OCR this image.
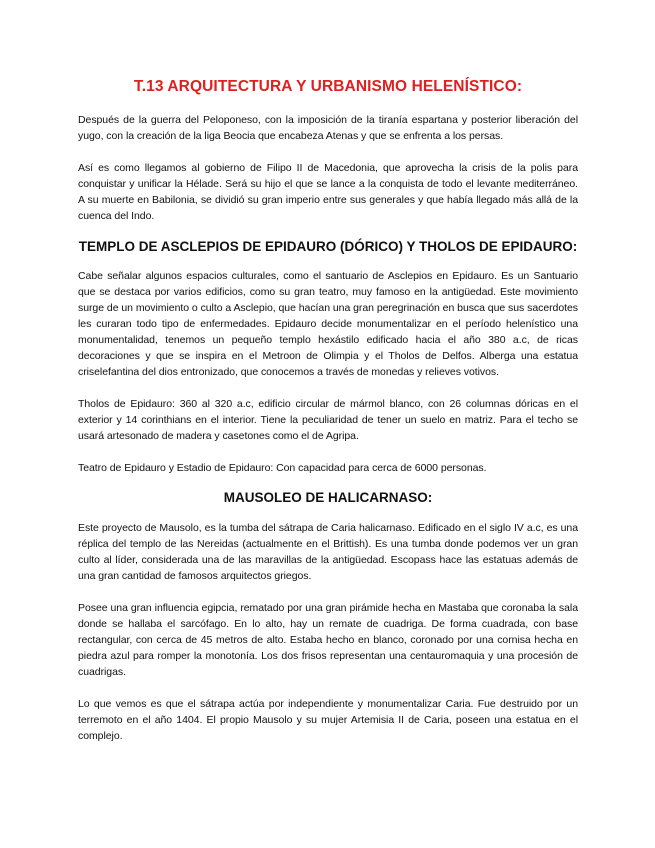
T.13 ARQUITECTURA Y URBANISMO HELENÍSTICO:

Después de la guerra del Peloponeso, con la imposición de la tiranía espartana y posterior liberación del yugo, con la creación de la liga Beocia que encabeza Atenas y que se enfrenta a los persas.

Así es como llegamos al gobierno de Filipo II de Macedonia, que aprovecha la crisis de la polis para conquistar y unificar la Hélade. Será su hijo el que se lance a la conquista de todo el levante mediterráneo. A su muerte en Babilonia, se dividió su gran imperio entre sus generales y que había llegado más allá de la cuenca del Indo.

TEMPLO DE ASCLEPIOS DE EPIDAURO (DÓRICO) Y THOLOS DE EPIDAURO:

Cabe señalar algunos espacios culturales, como el santuario de Asclepios en Epidauro. Es un Santuario que se destaca por varios edificios, como su gran teatro, muy famoso en la antigüedad. Este movimiento surge de un movimiento o culto a Asclepio, que hacían una gran peregrinación en busca que sus sacerdotes les curaran todo tipo de enfermedades. Epidauro decide monumentalizar en el período helenístico una monumentalidad, tenemos un pequeño templo hexástilo edificado hacia el año 380 a.c, de ricas decoraciones y que se inspira en el Metroon de Olimpia y el Tholos de Delfos. Alberga una estatua criselefantina del dios entronizado, que conocemos a través de monedas y relieves votivos.

Tholos de Epidauro: 360 al 320 a.c, edificio circular de mármol blanco, con 26 columnas dóricas en el exterior y 14 corinthians en el interior. Tiene la peculiaridad de tener un suelo en matriz. Para el techo se usará artesonado de madera y casetones como el de Agripa.

Teatro de Epidauro y Estadio de Epidauro: Con capacidad para cerca de 6000 personas.

MAUSOLEO DE HALICARNASO:

Este proyecto de Mausolo, es la tumba del sátrapa de Caria halicarnaso. Edificado en el siglo IV a.c, es una réplica del templo de las Nereidas (actualmente en el Brittish). Es una tumba donde podemos ver un gran culto al líder, considerada una de las maravillas de la antigüedad. Escopass hace las estatuas además de una gran cantidad de famosos arquitectos griegos.

Posee una gran influencia egipcia, rematado por una gran pirámide hecha en Mastaba que coronaba la sala donde se hallaba el sarcófago. En lo alto, hay un remate de cuadriga. De forma cuadrada, con base rectangular, con cerca de 45 metros de alto. Estaba hecho en blanco, coronado por una cornisa hecha en piedra azul para romper la monotonía. Los dos frisos representan una centauromaquia y una procesión de cuadrigas.

Lo que vemos es que el sátrapa actúa por independiente y monumentalizar Caria. Fue destruido por un terremoto en el año 1404. El propio Mausolo y su mujer Artemisia II de Caria, poseen una estatua en el complejo.
